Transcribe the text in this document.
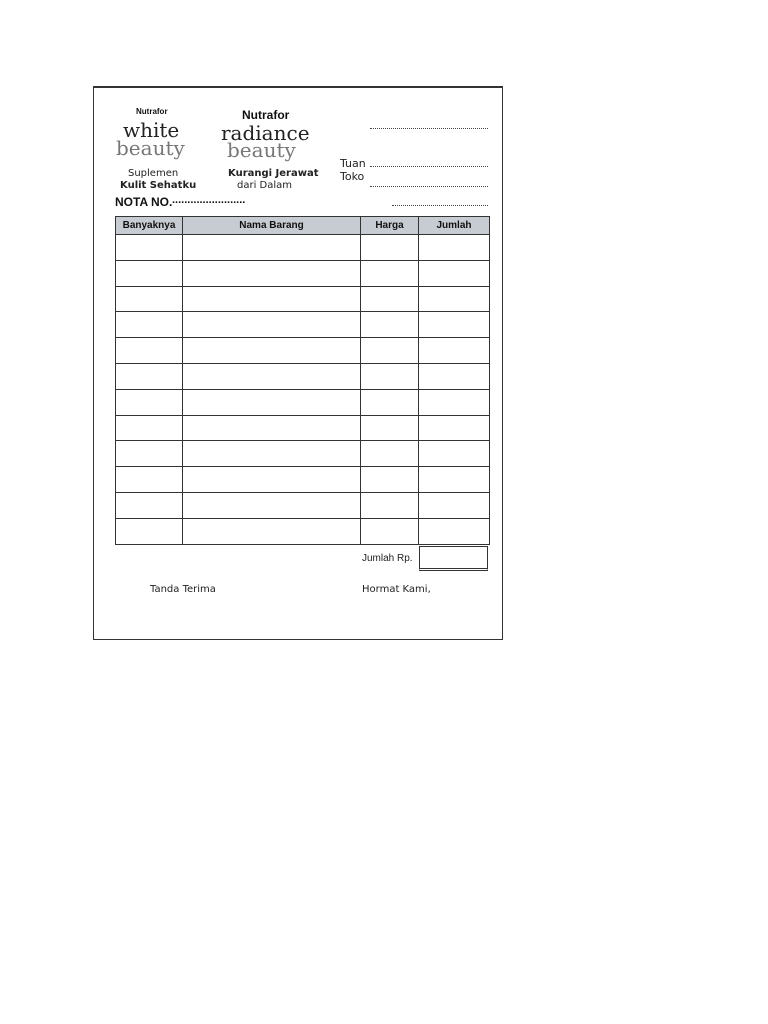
Nutrafor
white
beauty
Suplemen
Kulit Sehatku
Nutrafor
radiance
beauty
Kurangi Jerawat
dari Dalam
Tuan
Toko
NOTA NO. ........................
Banyaknya	Nama Barang	Harga	Jumlah

Jumlah Rp.
Tanda Terima	Hormat Kami,
